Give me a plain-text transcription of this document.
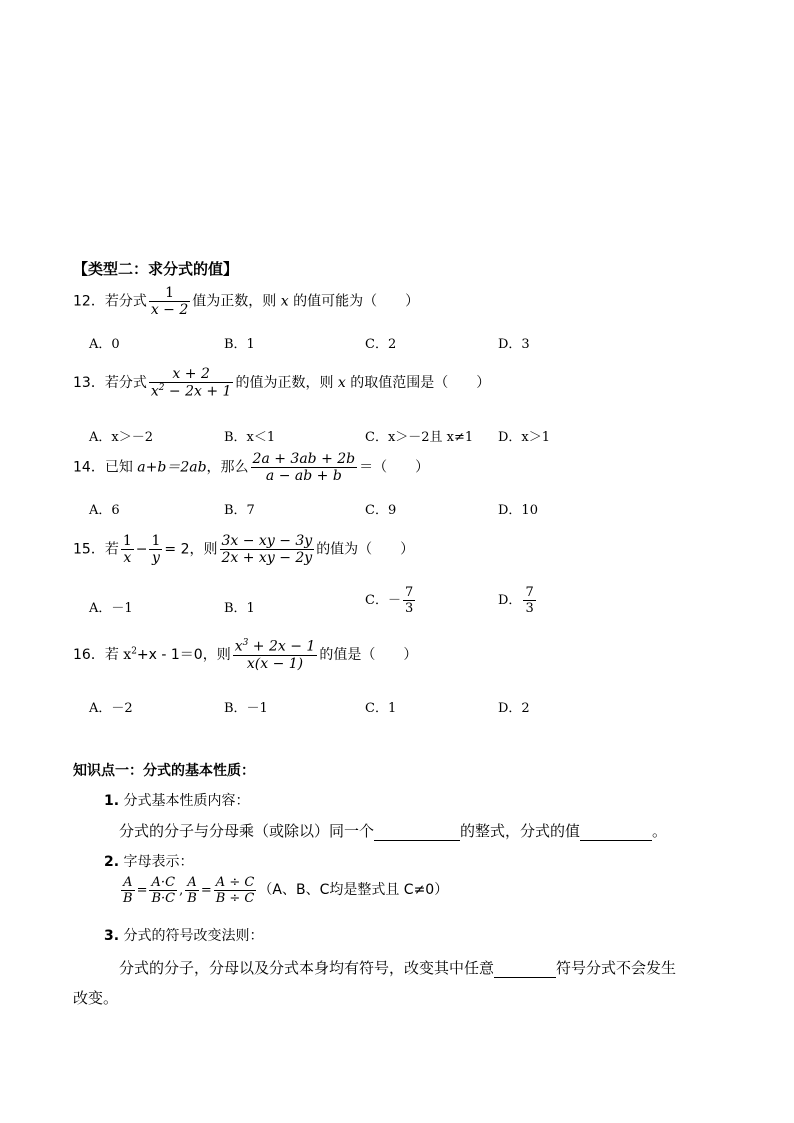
【类型二：求分式的值】
12．若分式 $\frac{1}{x - 2}$ 值为正数，则 x 的值可能为（　　）
A．0	B．1	C．2	D．3
13．若分式 $\frac{x + 2}{x^2 - 2x + 1}$ 的值为正数，则 x 的取值范围是（　　）
A．x＞－2	B．x＜1	C．x＞－2且 x≠1 D．x＞1
14．已知 a+b＝2ab，那么 $\frac{2a + 3ab + 2b}{a - ab + b}$ ＝（　　）
A．6	B．7	C．9	D．10
15．若 $\frac{1}{x} - \frac{1}{y} = 2$，则 $\frac{3x - xy - 3y}{2x + xy - 2y}$ 的值为（　　）
A．－1	B．1
C．－ $\frac{7}{3}$	D． $\frac{7}{3}$
16．若 $x^2+x - 1=0$，则 $\frac{x^3 + 2x - 1}{x(x - 1)}$ 的值是（　　）
A．－2	B．－1	C．1	D．2
知识点一：分式的基本性质：
1. 分式基本性质内容：
分式的分子与分母乘（或除以）同一个	的整式，分式的值	。
2. 字母表示：
$\frac{A}{B} = \frac{A\cdot C}{B\cdot C}$ , $\frac{A}{B} = \frac{A \div C}{B \div C} (A$、B、C均是整式且 C≠0）
3. 分式的符号改变法则：
分式的分子，分母以及分式本身均有符号，改变其中任意	符号分式不会发生
改变。
